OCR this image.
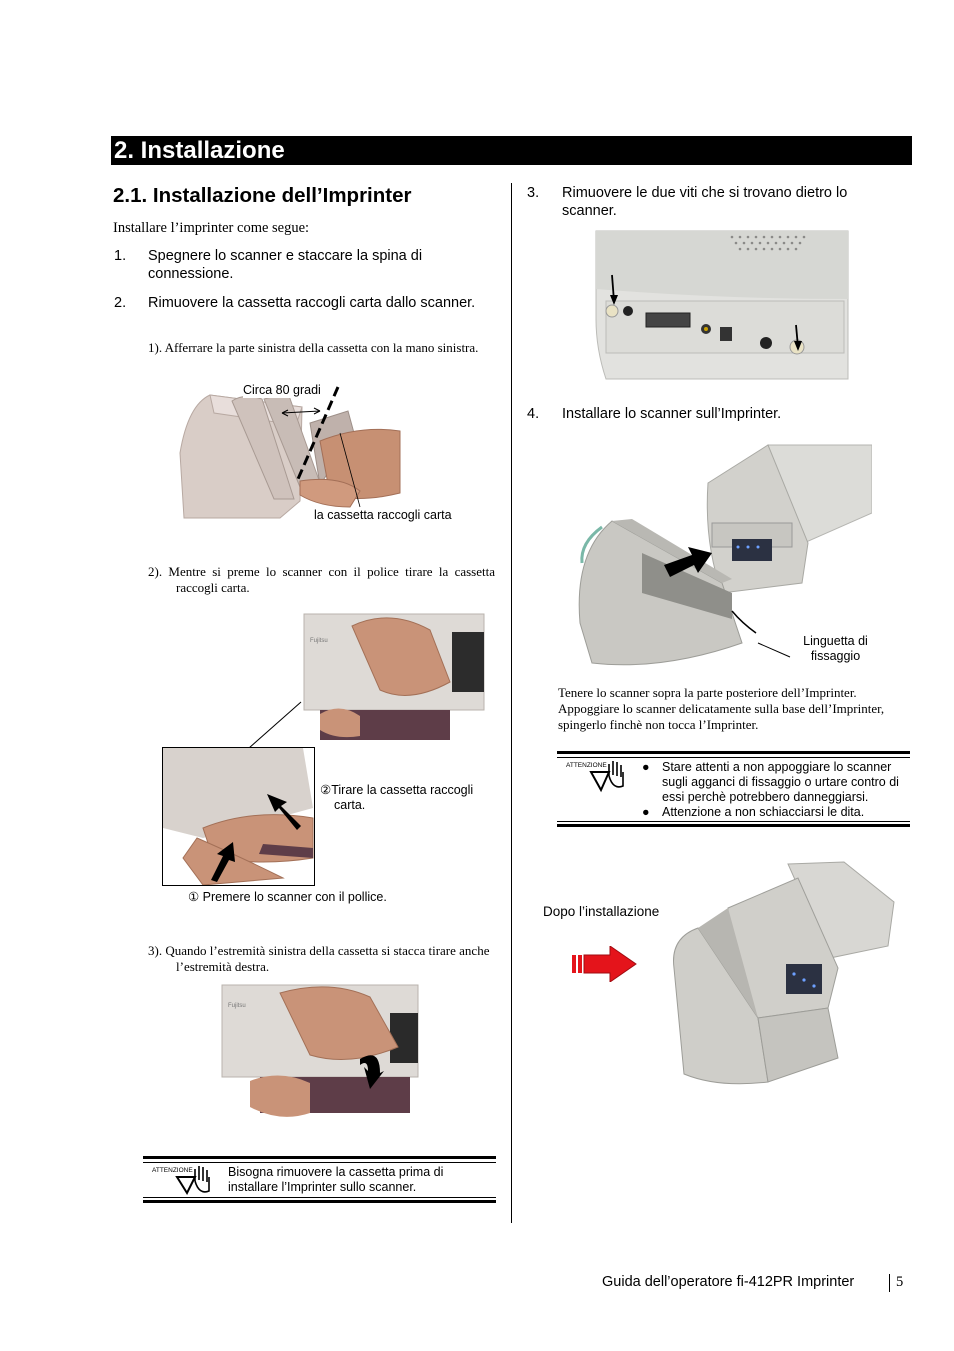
2. Installazione
2.1. Installazione dell’Imprinter
Installare l’imprinter come segue:
1. Spegnere lo scanner e staccare la spina di connessione.
2. Rimuovere la cassetta raccogli carta dallo scanner.
1). Afferrare la parte sinistra della cassetta con la mano sinistra.
Circa 80 gradi
la cassetta raccogli carta
2). Mentre si preme lo scanner con il police tirare la cassetta raccogli carta.
Fujitsu
②Tirare la cassetta raccogli carta.
① Premere lo scanner con il pollice.
3). Quando l’estremità sinistra della cassetta si stacca tirare anche l’estremità destra.
Fujitsu
ATTENZIONE	Bisogna rimuovere la cassetta prima di installare l’Imprinter sullo scanner.
3. Rimuovere le due viti che si trovano dietro lo scanner.
4. Installare lo scanner sull’Imprinter.
Linguetta di fissaggio
Tenere lo scanner sopra la parte posteriore dell’Imprinter. Appoggiare lo scanner delicatamente sulla base dell’Imprinter, spingerlo finchè non tocca l’Imprinter.
ATTENZIONE	● Stare attenti a non appoggiare lo scanner sugli agganci di fissaggio o urtare contro di essi perchè potrebbero danneggiarsi.
● Attenzione a non schiacciarsi le dita.
Dopo l’installazione
Guida dell’operatore fi-412PR Imprinter	5
